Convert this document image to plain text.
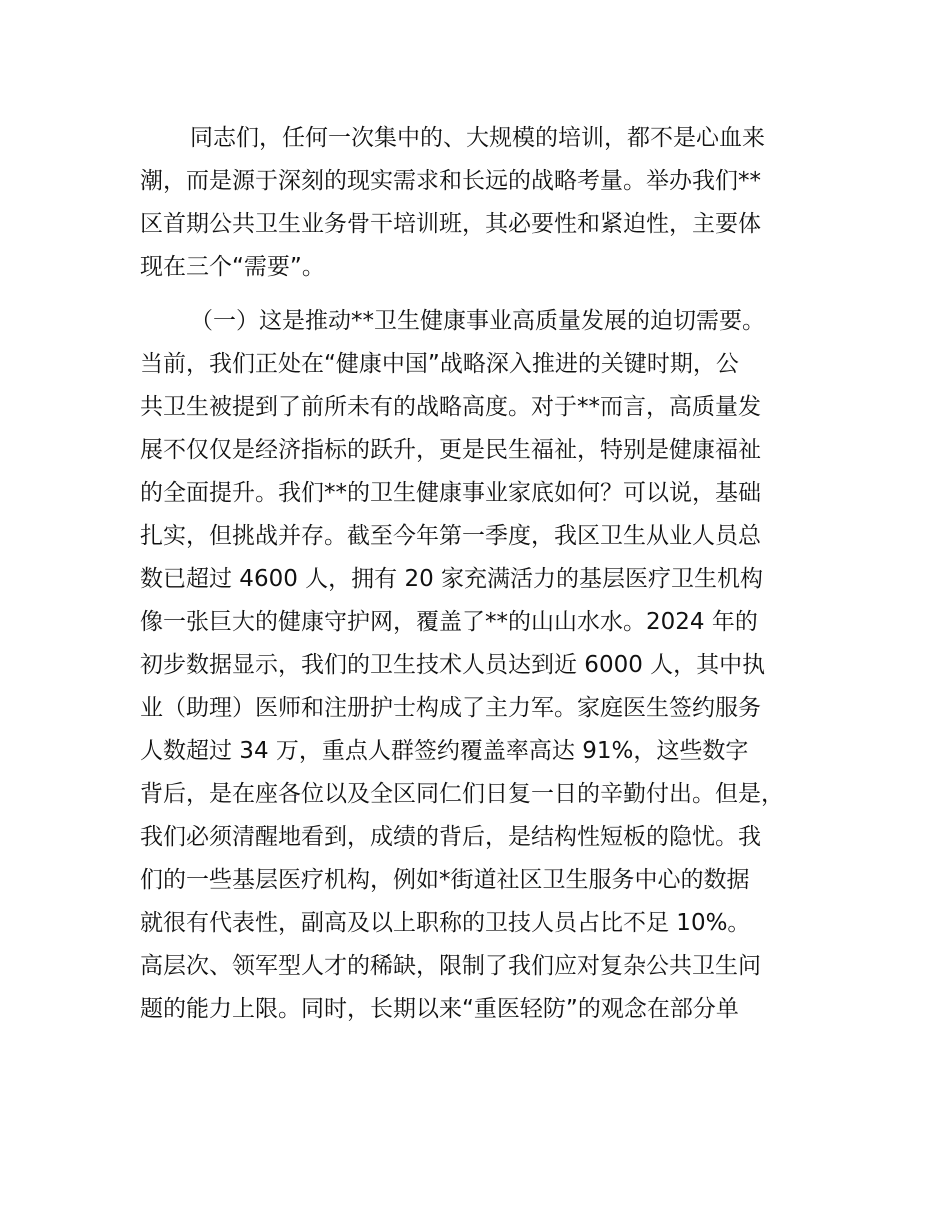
同志们，任何一次集中的、大规模的培训，都不是心血来
潮，而是源于深刻的现实需求和长远的战略考量。举办我们**
区首期公共卫生业务骨干培训班，其必要性和紧迫性，主要体
现在三个“需要”。
（一）这是推动**卫生健康事业高质量发展的迫切需要。
当前，我们正处在“健康中国”战略深入推进的关键时期，公
共卫生被提到了前所未有的战略高度。对于**而言，高质量发
展不仅仅是经济指标的跃升，更是民生福祉，特别是健康福祉
的全面提升。我们**的卫生健康事业家底如何？可以说，基础
扎实，但挑战并存。截至今年第一季度，我区卫生从业人员总
数已超过 4600 人，拥有 20 家充满活力的基层医疗卫生机构
像一张巨大的健康守护网，覆盖了**的山山水水。2024 年的
初步数据显示，我们的卫生技术人员达到近 6000 人，其中执
业（助理）医师和注册护士构成了主力军。家庭医生签约服务
人数超过 34 万，重点人群签约覆盖率高达 91%，这些数字
背后，是在座各位以及全区同仁们日复一日的辛勤付出。但是，
我们必须清醒地看到，成绩的背后，是结构性短板的隐忧。我
们的一些基层医疗机构，例如*街道社区卫生服务中心的数据
就很有代表性，副高及以上职称的卫技人员占比不足 10%。
高层次、领军型人才的稀缺，限制了我们应对复杂公共卫生问
题的能力上限。同时，长期以来“重医轻防”的观念在部分单
